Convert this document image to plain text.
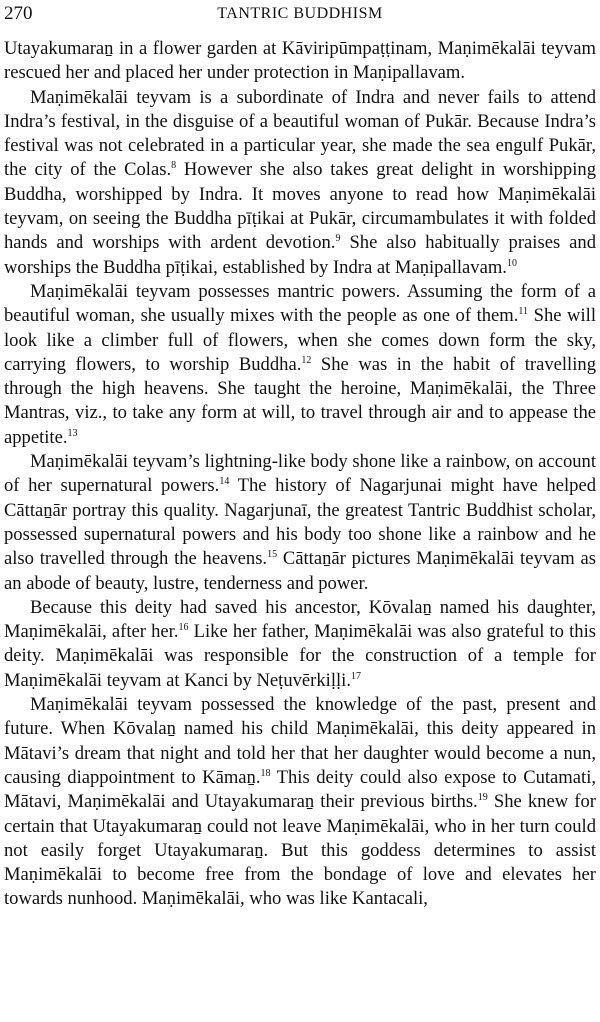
270	TANTRIC BUDDHISM

Utayakumaraṉ in a flower garden at Kāviripūmpaṭṭinam, Maṇimēkalāi teyvam rescued her and placed her under protection in Maṇipallavam.

Maṇimēkalāi teyvam is a subordinate of Indra and never fails to attend Indra’s festival, in the disguise of a beautiful woman of Pukār. Because Indra’s festival was not celebrated in a particular year, she made the sea engulf Pukār, the city of the Colas.$^8$ However she also takes great delight in worshipping Buddha, worshipped by Indra. It moves anyone to read how Maṇimēkalāi teyvam, on seeing the Buddha pīṭikai at Pukār, circumambulates it with folded hands and worships with ardent devotion.$^9$ She also habitually praises and worships the Buddha pīṭikai, established by Indra at Maṇipallavam.$^{10}$

Maṇimēkalāi teyvam possesses mantric powers. Assuming the form of a beautiful woman, she usually mixes with the people as one of them.$^{11}$ She will look like a climber full of flowers, when she comes down form the sky, carrying flowers, to worship Buddha.$^{12}$ She was in the habit of travelling through the high heavens. She taught the heroine, Maṇimēkalāi, the Three Mantras, viz., to take any form at will, to travel through air and to appease the appetite.$^{13}$

Maṇimēkalāi teyvam’s lightning-like body shone like a rainbow, on account of her supernatural powers.$^{14}$ The history of Nagarjunai might have helped Cāttaṉār portray this quality. Nagarjunaī, the greatest Tantric Buddhist scholar, possessed supernatural powers and his body too shone like a rainbow and he also travelled through the heavens.$^{15}$ Cāttaṉār pictures Maṇimēkalāi teyvam as an abode of beauty, lustre, tenderness and power.

Because this deity had saved his ancestor, Kōvalaṉ named his daughter, Maṇimēkalāi, after her.$^{16}$ Like her father, Maṇimēkalāi was also grateful to this deity. Maṇimēkalāi was responsible for the construction of a temple for Maṇimēkalāi teyvam at Kanci by Neṭuvērkiḷḷi.$^{17}$

Maṇimēkalāi teyvam possessed the knowledge of the past, present and future. When Kōvalaṉ named his child Maṇimēkalāi, this deity appeared in Mātavi’s dream that night and told her that her daughter would become a nun, causing diappointment to Kāmaṉ.$^{18}$ This deity could also expose to Cutamati, Mātavi, Maṇimēkalāi and Utayakumaraṉ their previous births.$^{19}$ She knew for certain that Utayakumaraṉ could not leave Maṇimēkalāi, who in her turn could not easily forget Utayakumaraṉ. But this goddess determines to assist Maṇimēkalāi to become free from the bondage of love and elevates her towards nunhood. Maṇimēkalāi, who was like Kantacali,
